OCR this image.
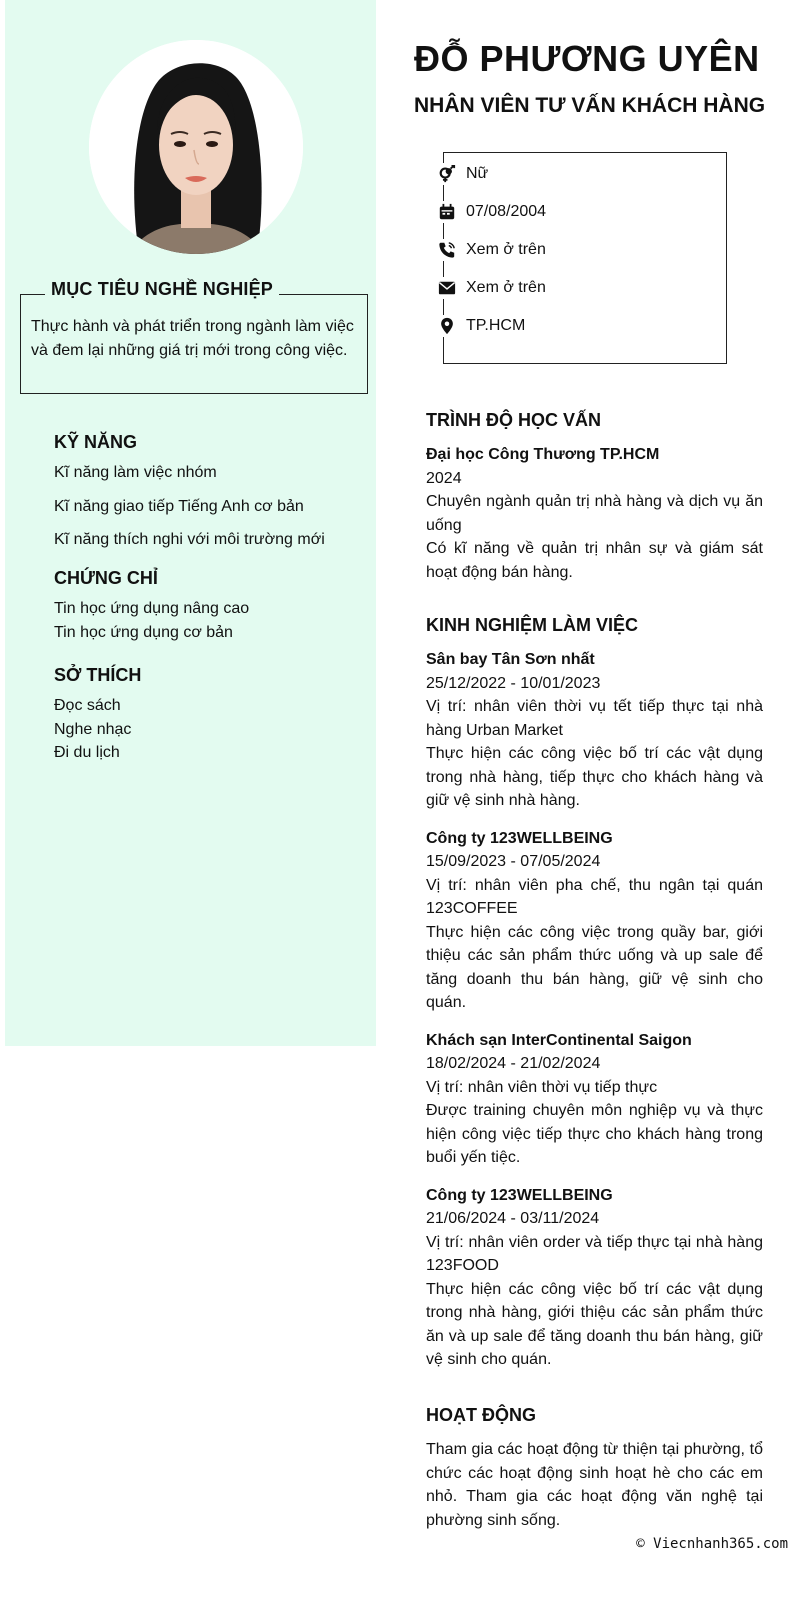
MỤC TIÊU NGHỀ NGHIỆP
Thực hành và phát triển trong ngành làm việc và đem lại những giá trị mới trong công việc.
KỸ NĂNG
Kĩ năng làm việc nhóm
Kĩ năng giao tiếp Tiếng Anh cơ bản
Kĩ năng thích nghi với môi trường mới
CHỨNG CHỈ
Tin học ứng dụng nâng cao
Tin học ứng dụng cơ bản
SỞ THÍCH
Đọc sách
Nghe nhạc
Đi du lịch
ĐỖ PHƯƠNG UYÊN
NHÂN VIÊN TƯ VẤN KHÁCH HÀNG
Nữ
07/08/2004
Xem ở trên
Xem ở trên
TP.HCM
TRÌNH ĐỘ HỌC VẤN
Đại học Công Thương TP.HCM
2024
Chuyên ngành quản trị nhà hàng và dịch vụ ăn uống
Có kĩ năng về quản trị nhân sự và giám sát hoạt động bán hàng.
KINH NGHIỆM LÀM VIỆC
Sân bay Tân Sơn nhất
25/12/2022 - 10/01/2023
Vị trí: nhân viên thời vụ tết tiếp thực tại nhà hàng Urban Market
Thực hiện các công việc bố trí các vật dụng trong nhà hàng, tiếp thực cho khách hàng và giữ vệ sinh nhà hàng.
Công ty 123WELLBEING
15/09/2023 - 07/05/2024
Vị trí: nhân viên pha chế, thu ngân tại quán 123COFFEE
Thực hiện các công việc trong quầy bar, giới thiệu các sản phẩm thức uống và up sale để tăng doanh thu bán hàng, giữ vệ sinh cho quán.
Khách sạn InterContinental Saigon
18/02/2024 - 21/02/2024
Vị trí: nhân viên thời vụ tiếp thực
Được training chuyên môn nghiệp vụ và thực hiện công việc tiếp thực cho khách hàng trong buổi yến tiệc.
Công ty 123WELLBEING
21/06/2024 - 03/11/2024
Vị trí: nhân viên order và tiếp thực tại nhà hàng 123FOOD
Thực hiện các công việc bố trí các vật dụng trong nhà hàng, giới thiệu các sản phẩm thức ăn và up sale để tăng doanh thu bán hàng, giữ vệ sinh cho quán.
HOẠT ĐỘNG
Tham gia các hoạt động từ thiện tại phường, tổ chức các hoạt động sinh hoạt hè cho các em nhỏ. Tham gia các hoạt động văn nghệ tại phường sinh sống.
© Viecnhanh365.com
